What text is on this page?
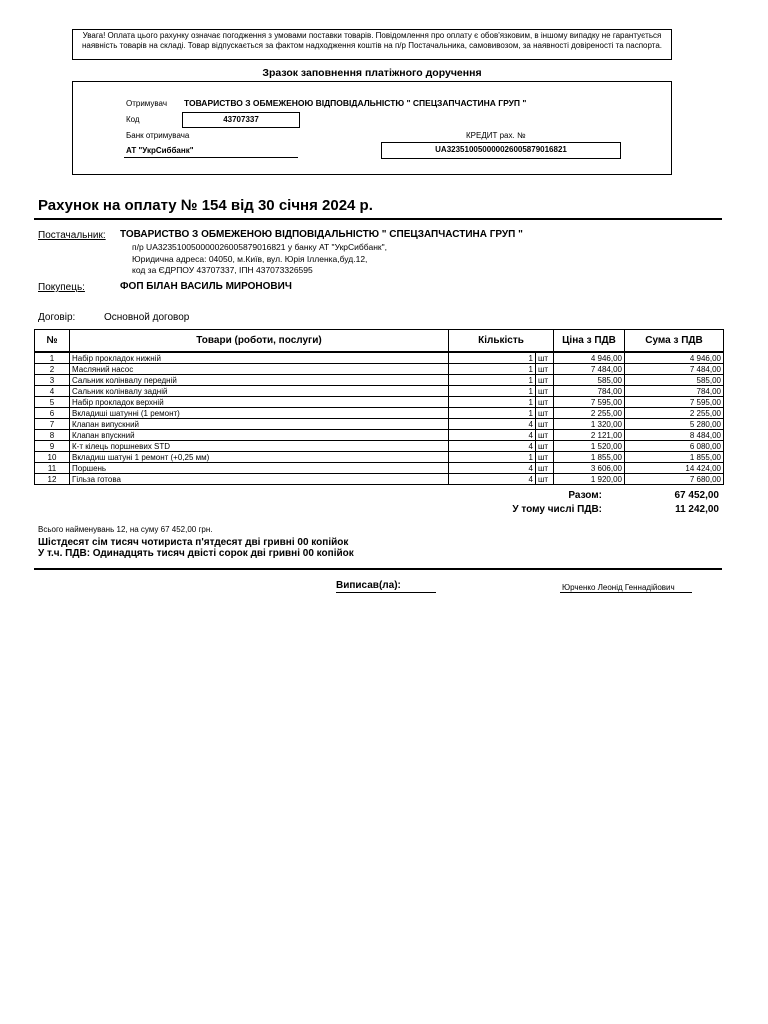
Увага! Оплата цього рахунку означає погодження з умовами поставки товарів. Повідомлення про оплату є обов'язковим, в іншому випадку не гарантується наявність товарів на складі. Товар відпускається за фактом надходження коштів на п/р Постачальника, самовивозом, за наявності довіреності та паспорта.
Зразок заповнення платіжного доручення
Отримувач ТОВАРИСТВО З ОБМЕЖЕНОЮ ВІДПОВІДАЛЬНІСТЮ " СПЕЦЗАПЧАСТИНА ГРУП "
Код	43707337
Банк отримувача
АТ "УкрСиббанк"
КРЕДИТ рах. №
UA323510050000026005879016821
Рахунок на оплату № 154 від 30 січня 2024 р.
Постачальник: ТОВАРИСТВО З ОБМЕЖЕНОЮ ВІДПОВІДАЛЬНІСТЮ " СПЕЦЗАПЧАСТИНА ГРУП "
п/р UA323510050000026005879016821 у банку АТ "УкрСиббанк",
Юридична адреса: 04050, м.Київ, вул. Юрія Ілленка,буд.12,
код за ЄДРПОУ 43707337, ІПН 437073326595
Покупець:	ФОП БІЛАН ВАСИЛЬ МИРОНОВИЧ
Договір:	Основной договор
№	Товари (роботи, послуги)	Кількість		Ціна з ПДВ	Сума з ПДВ
1	Набір прокладок нижній	1	шт	4 946,00	4 946,00
2	Масляний насос	1	шт	7 484,00	7 484,00
3	Сальник колінвалу передній	1	шт	585,00	585,00
4	Сальник колінвалу задній	1	шт	784,00	784,00
5	Набір прокладок верхній	1	шт	7 595,00	7 595,00
6	Вкладиші шатунні (1 ремонт)	1	шт	2 255,00	2 255,00
7	Клапан випускний	4	шт	1 320,00	5 280,00
8	Клапан впускний	4	шт	2 121,00	8 484,00
9	К-т кілець поршневих STD	4	шт	1 520,00	6 080,00
10	Вкладиш шатуні 1 ремонт (+0,25 мм)	1	шт	1 855,00	1 855,00
11	Поршень	4	шт	3 606,00	14 424,00
12	Гільза готова	4	шт	1 920,00	7 680,00
Разом:	67 452,00
У тому числі ПДВ:	11 242,00
Всього найменувань 12, на суму 67 452,00 грн.
Шістдесят сім тисяч чотириста п'ятдесят дві гривні 00 копійок
У т.ч. ПДВ: Одинадцять тисяч двісті сорок дві гривні 00 копійок
Виписав(ла):	Юрченко Леонід Геннадійович
